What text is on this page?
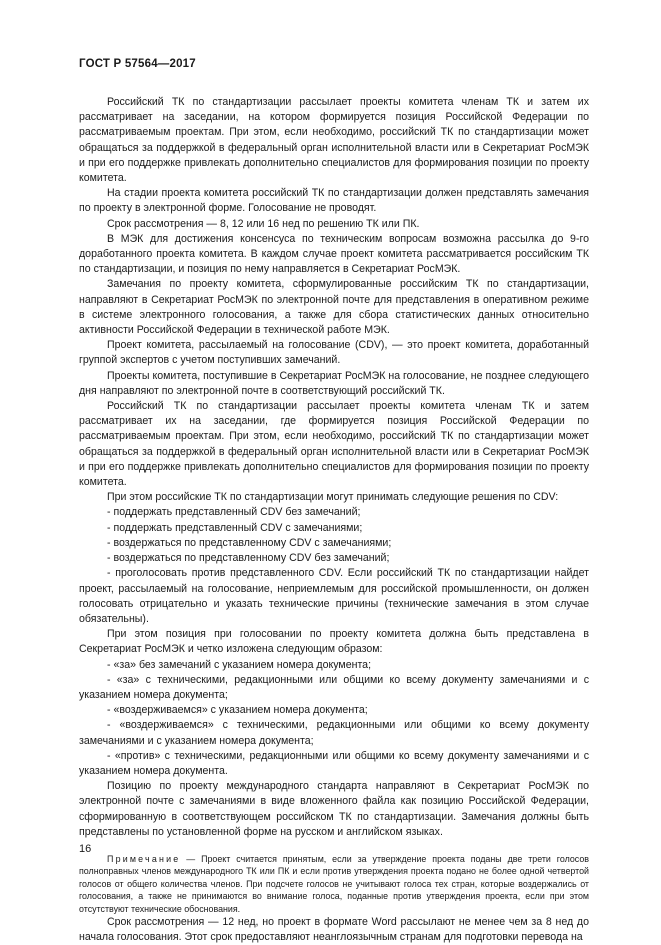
ГОСТ Р 57564—2017

Российский ТК по стандартизации рассылает проекты комитета членам ТК и затем их рассматривает на заседании, на котором формируется позиция Российской Федерации по рассматриваемым проектам. При этом, если необходимо, российский ТК по стандартизации может обращаться за поддержкой в федеральный орган исполнительной власти или в Секретариат РосМЭК и при его поддержке привлекать дополнительно специалистов для формирования позиции по проекту комитета.

На стадии проекта комитета российский ТК по стандартизации должен представлять замечания по проекту в электронной форме. Голосование не проводят.

Срок рассмотрения — 8, 12 или 16 нед по решению ТК или ПК.

В МЭК для достижения консенсуса по техническим вопросам возможна рассылка до 9-го доработанного проекта комитета. В каждом случае проект комитета рассматривается российским ТК по стандартизации, и позиция по нему направляется в Секретариат РосМЭК.

Замечания по проекту комитета, сформулированные российским ТК по стандартизации, направляют в Секретариат РосМЭК по электронной почте для представления в оперативном режиме в системе электронного голосования, а также для сбора статистических данных относительно активности Российской Федерации в технической работе МЭК.

Проект комитета, рассылаемый на голосование (CDV), — это проект комитета, доработанный группой экспертов с учетом поступивших замечаний.

Проекты комитета, поступившие в Секретариат РосМЭК на голосование, не позднее следующего дня направляют по электронной почте в соответствующий российский ТК.

Российский ТК по стандартизации рассылает проекты комитета членам ТК и затем рассматривает их на заседании, где формируется позиция Российской Федерации по рассматриваемым проектам. При этом, если необходимо, российский ТК по стандартизации может обращаться за поддержкой в федеральный орган исполнительной власти или в Секретариат РосМЭК и при его поддержке привлекать дополнительно специалистов для формирования позиции по проекту комитета.

При этом российские ТК по стандартизации могут принимать следующие решения по CDV:

- поддержать представленный CDV без замечаний;

- поддержать представленный CDV с замечаниями;

- воздержаться по представленному CDV с замечаниями;

- воздержаться по представленному CDV без замечаний;

- проголосовать против представленного CDV. Если российский ТК по стандартизации найдет проект, рассылаемый на голосование, неприемлемым для российской промышленности, он должен голосовать отрицательно и указать технические причины (технические замечания в этом случае обязательны).

При этом позиция при голосовании по проекту комитета должна быть представлена в Секретариат РосМЭК и четко изложена следующим образом:

- «за» без замечаний с указанием номера документа;

- «за» с техническими, редакционными или общими ко всему документу замечаниями и с указанием номера документа;

- «воздерживаемся» с указанием номера документа;

- «воздерживаемся» с техническими, редакционными или общими ко всему документу замечаниями и с указанием номера документа;

- «против» с техническими, редакционными или общими ко всему документу замечаниями и с указанием номера документа.

Позицию по проекту международного стандарта направляют в Секретариат РосМЭК по электронной почте с замечаниями в виде вложенного файла как позицию Российской Федерации, сформированную в соответствующем российском ТК по стандартизации. Замечания должны быть представлены по установленной форме на русском и английском языках.

Примечание — Проект считается принятым, если за утверждение проекта поданы две трети голосов полноправных членов международного ТК или ПК и если против утверждения проекта подано не более одной четвертой голосов от общего количества членов. При подсчете голосов не учитывают голоса тех стран, которые воздержались от голосования, а также не принимаются во внимание голоса, поданные против утверждения проекта, если при этом отсутствуют технические обоснования.

Срок рассмотрения — 12 нед, но проект в формате Word рассылают не менее чем за 8 нед до начала голосования. Этот срок предоставляют неанглоязычным странам для подготовки перевода на

16
